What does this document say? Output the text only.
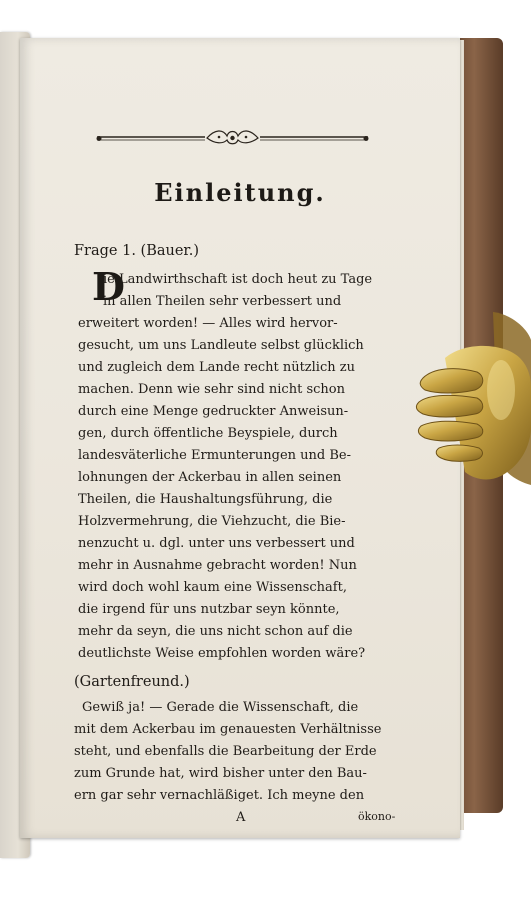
Einleitung.
Frage 1. (Bauer.)
D
ie Landwirthschaft ist doch heut zu Tage
in allen Theilen sehr verbessert und
erweitert worden! — Alles wird hervor-
gesucht, um uns Landleute selbst glücklich
und zugleich dem Lande recht nützlich zu
machen. Denn wie sehr sind nicht schon
durch eine Menge gedruckter Anweisun-
gen, durch öffentliche Beyspiele, durch
landesväterliche Ermunterungen und Be-
lohnungen der Ackerbau in allen seinen
Theilen, die Haushaltungsführung, die
Holzvermehrung, die Viehzucht, die Bie-
nenzucht u. dgl. unter uns verbessert und
mehr in Ausnahme gebracht worden! Nun
wird doch wohl kaum eine Wissenschaft,
die irgend für uns nutzbar seyn könnte,
mehr da seyn, die uns nicht schon auf die
deutlichste Weise empfohlen worden wäre?
(Gartenfreund.)
Gewiß ja! — Gerade die Wissenschaft, die
mit dem Ackerbau im genauesten Verhältnisse
steht, und ebenfalls die Bearbeitung der Erde
zum Grunde hat, wird bisher unter den Bau-
ern gar sehr vernachläßiget. Ich meyne den
A	ökono-
